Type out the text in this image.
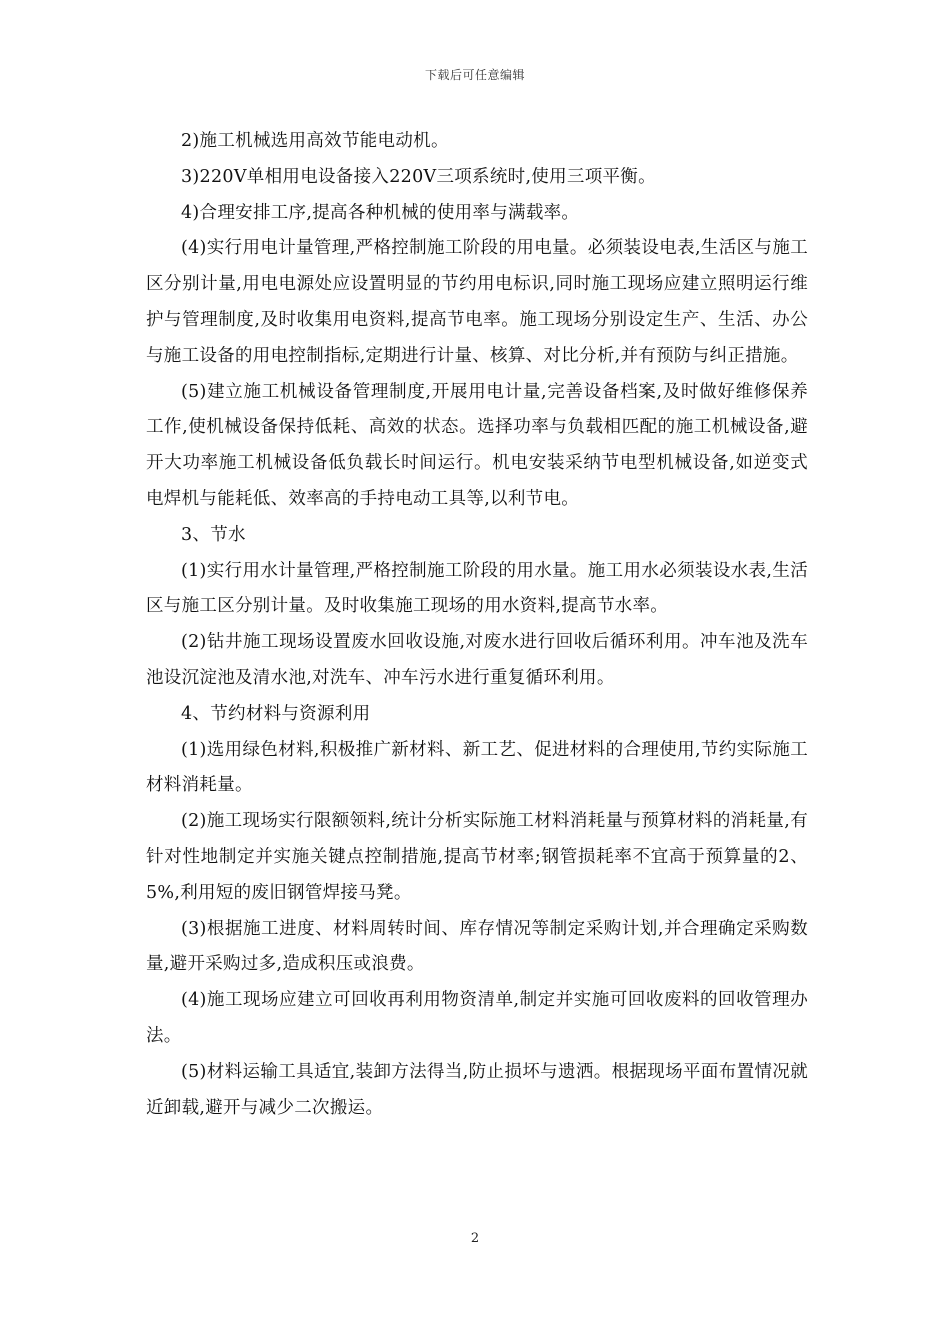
下载后可任意编辑

2)施工机械选用高效节能电动机。

3)220V单相用电设备接入220V三项系统时,使用三项平衡。

4)合理安排工序,提高各种机械的使用率与满载率。

(4)实行用电计量管理,严格控制施工阶段的用电量。必须装设电表,生活区与施工区分别计量,用电电源处应设置明显的节约用电标识,同时施工现场应建立照明运行维护与管理制度,及时收集用电资料,提高节电率。施工现场分别设定生产、生活、办公与施工设备的用电控制指标,定期进行计量、核算、对比分析,并有预防与纠正措施。

(5)建立施工机械设备管理制度,开展用电计量,完善设备档案,及时做好维修保养工作,使机械设备保持低耗、高效的状态。选择功率与负载相匹配的施工机械设备,避开大功率施工机械设备低负载长时间运行。机电安装采纳节电型机械设备,如逆变式电焊机与能耗低、效率高的手持电动工具等,以利节电。

3、节水

(1)实行用水计量管理,严格控制施工阶段的用水量。施工用水必须装设水表,生活区与施工区分别计量。及时收集施工现场的用水资料,提高节水率。

(2)钻井施工现场设置废水回收设施,对废水进行回收后循环利用。冲车池及洗车池设沉淀池及清水池,对洗车、冲车污水进行重复循环利用。

4、节约材料与资源利用

(1)选用绿色材料,积极推广新材料、新工艺、促进材料的合理使用,节约实际施工材料消耗量。

(2)施工现场实行限额领料,统计分析实际施工材料消耗量与预算材料的消耗量,有针对性地制定并实施关键点控制措施,提高节材率;钢管损耗率不宜高于预算量的2、5%,利用短的废旧钢管焊接马凳。

(3)根据施工进度、材料周转时间、库存情况等制定采购计划,并合理确定采购数量,避开采购过多,造成积压或浪费。

(4)施工现场应建立可回收再利用物资清单,制定并实施可回收废料的回收管理办法。

(5)材料运输工具适宜,装卸方法得当,防止损坏与遗洒。根据现场平面布置情况就近卸载,避开与减少二次搬运。

2
